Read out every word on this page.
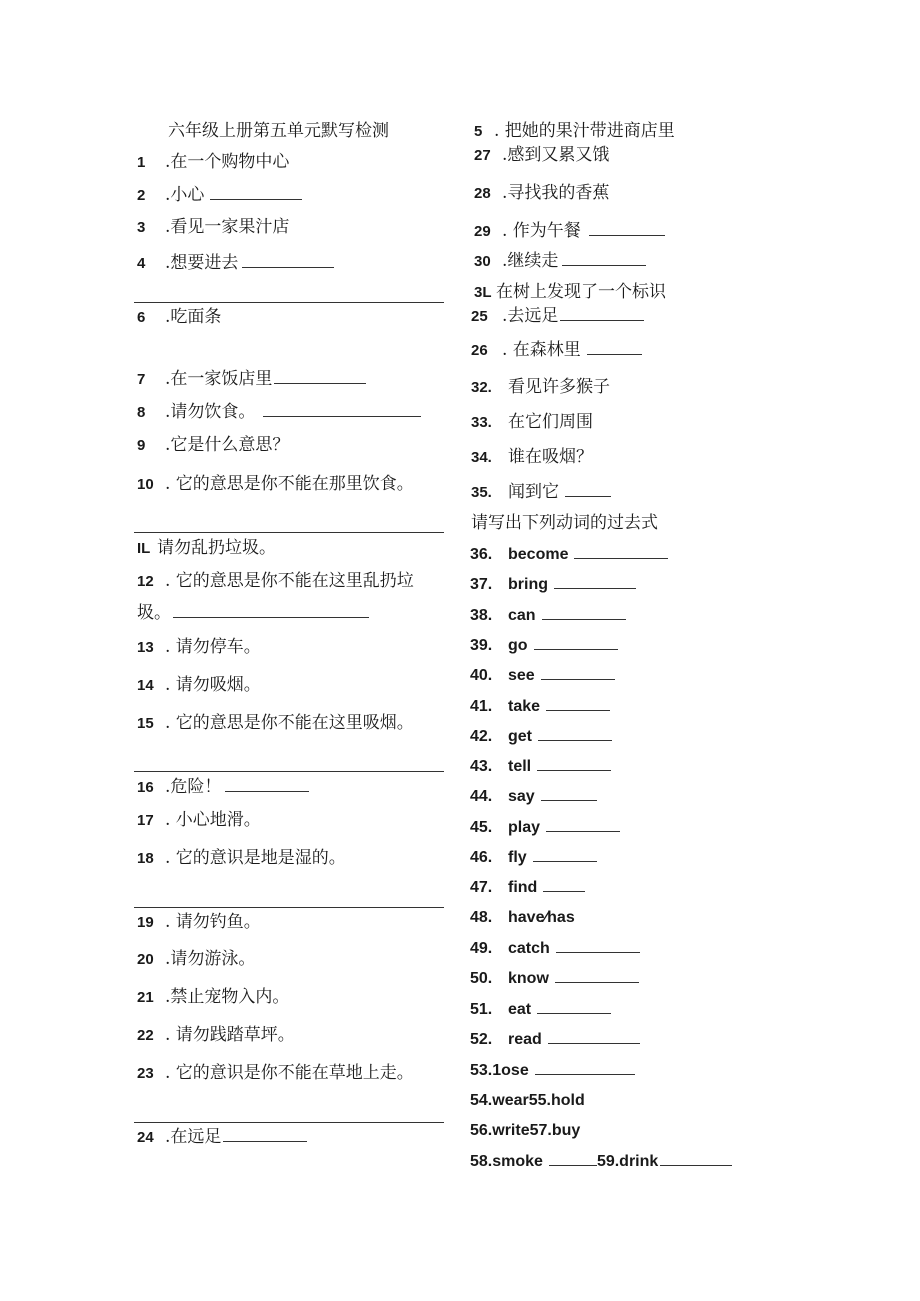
六年级上册第五单元默写检测
1 .在一个购物中心
2 .小心
3 .看见一家果汁店
4 .想要进去
6 .吃面条
7 .在一家饭店里
8 .请勿饮食。
9 .它是什么意思？
10 . 它的意思是你不能在那里饮食。
IL 请勿乱扔垃圾。
12 . 它的意思是你不能在这里乱扔垃
圾。
13 . 请勿停车。
14 . 请勿吸烟。
15 . 它的意思是你不能在这里吸烟。
16 .危险！
17 . 小心地滑。
18 . 它的意识是地是湿的。
19 . 请勿钓鱼。
20 .请勿游泳。
21 .禁止宠物入内。
22 . 请勿践踏草坪。
23 . 它的意识是你不能在草地上走。
24 .在远足
5 . 把她的果汁带进商店里
27 .感到又累又饿
28 .寻找我的香蕉
29 . 作为午餐
30 .继续走
3L 在树上发现了一个标识
25 .去远足
26 . 在森林里
32. 看见许多猴子
33. 在它们周围
34. 谁在吸烟？
35. 闻到它
请写出下列动词的过去式
36. become
37. bring
38. can
39. go
40. see
41. take
42. get
43. tell
44. say
45. play
46. fly
47. find
48. have∕has
49. catch
50. know
51. eat
52. read
53.1ose
54.wear55.hold
56.write57.buy
58.smoke	59.drink
